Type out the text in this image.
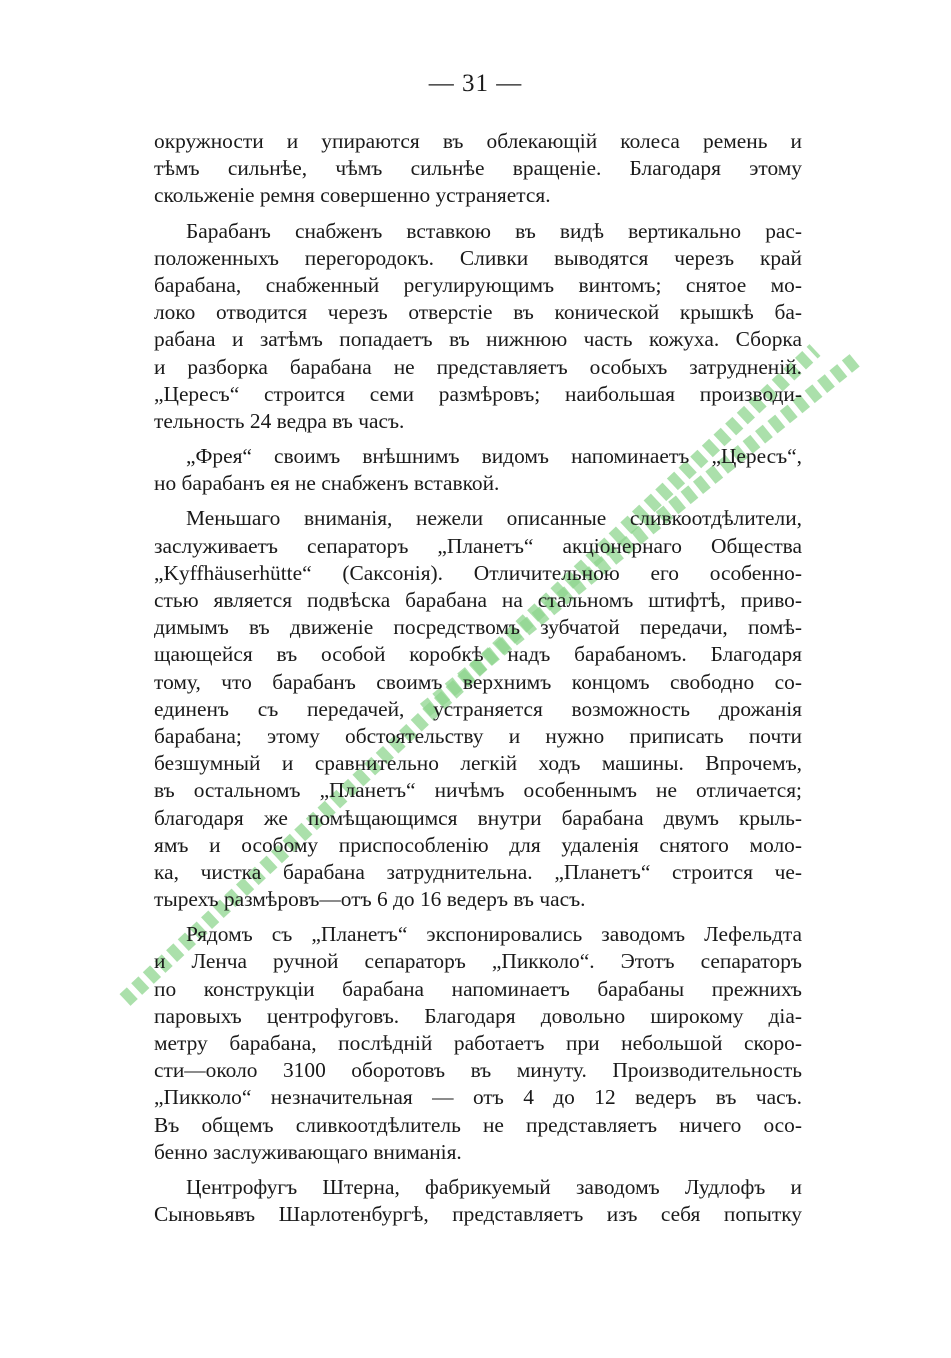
— 31 —
окружности и упираются въ облекающій колеса ремень и
тѣмъ сильнѣе, чѣмъ сильнѣе вращеніе. Благодаря этому
скольженіе ремня совершенно устраняется.
Барабанъ снабженъ вставкою въ видѣ вертикально рас-
положенныхъ перегородокъ. Сливки выводятся черезъ край
барабана, снабженный регулирующимъ винтомъ; снятое мо-
локо отводится черезъ отверстіе въ конической крышкѣ ба-
рабана и затѣмъ попадаетъ въ нижнюю часть кожуха. Сборка
и разборка барабана не представляетъ особыхъ затрудненій.
„Цересъ“ строится семи размѣровъ; наибольшая производи-
тельность 24 ведра въ часъ.
„Фрея“ своимъ внѣшнимъ видомъ напоминаетъ „Цересъ“,
но барабанъ ея не снабженъ вставкой.
Меньшаго вниманія, нежели описанные сливкоотдѣлители,
заслуживаетъ сепараторъ „Планетъ“ акціонернаго Общества
„Kyffhäuserhütte“ (Саксонія). Отличительною его особенно-
стью является подвѣска барабана на стальномъ штифтѣ, приво-
димымъ въ движеніе посредствомъ зубчатой передачи, помѣ-
щающейся въ особой коробкѣ надъ барабаномъ. Благодаря
тому, что барабанъ своимъ верхнимъ концомъ свободно со-
единенъ съ передачей, устраняется возможность дрожанія
барабана; этому обстоятельству и нужно приписать почти
безшумный и сравнительно легкій ходъ машины. Впрочемъ,
въ остальномъ „Планетъ“ ничѣмъ особеннымъ не отличается;
благодаря же помѣщающимся внутри барабана двумъ крыль-
ямъ и особому приспособленію для удаленія снятого моло-
ка, чистка барабана затруднительна. „Планетъ“ строится че-
тырехъ размѣровъ—отъ 6 до 16 ведеръ въ часъ.
Рядомъ съ „Планетъ“ экспонировались заводомъ Лефельдта
и Ленча ручной сепараторъ „Пикколо“. Этотъ сепараторъ
по конструкціи барабана напоминаетъ барабаны прежнихъ
паровыхъ центрофуговъ. Благодаря довольно широкому діа-
метру барабана, послѣдній работаетъ при небольшой скоро-
сти—около 3100 оборотовъ въ минуту. Производительность
„Пикколо“ незначительная — отъ 4 до 12 ведеръ въ часъ.
Въ общемъ сливкоотдѣлитель не представляетъ ничего осо-
бенно заслуживающаго вниманія.
Центрофугъ Штерна, фабрикуемый заводомъ Лудлофъ и
Сыновьявъ Шарлотенбургѣ, представляетъ изъ себя попытку
